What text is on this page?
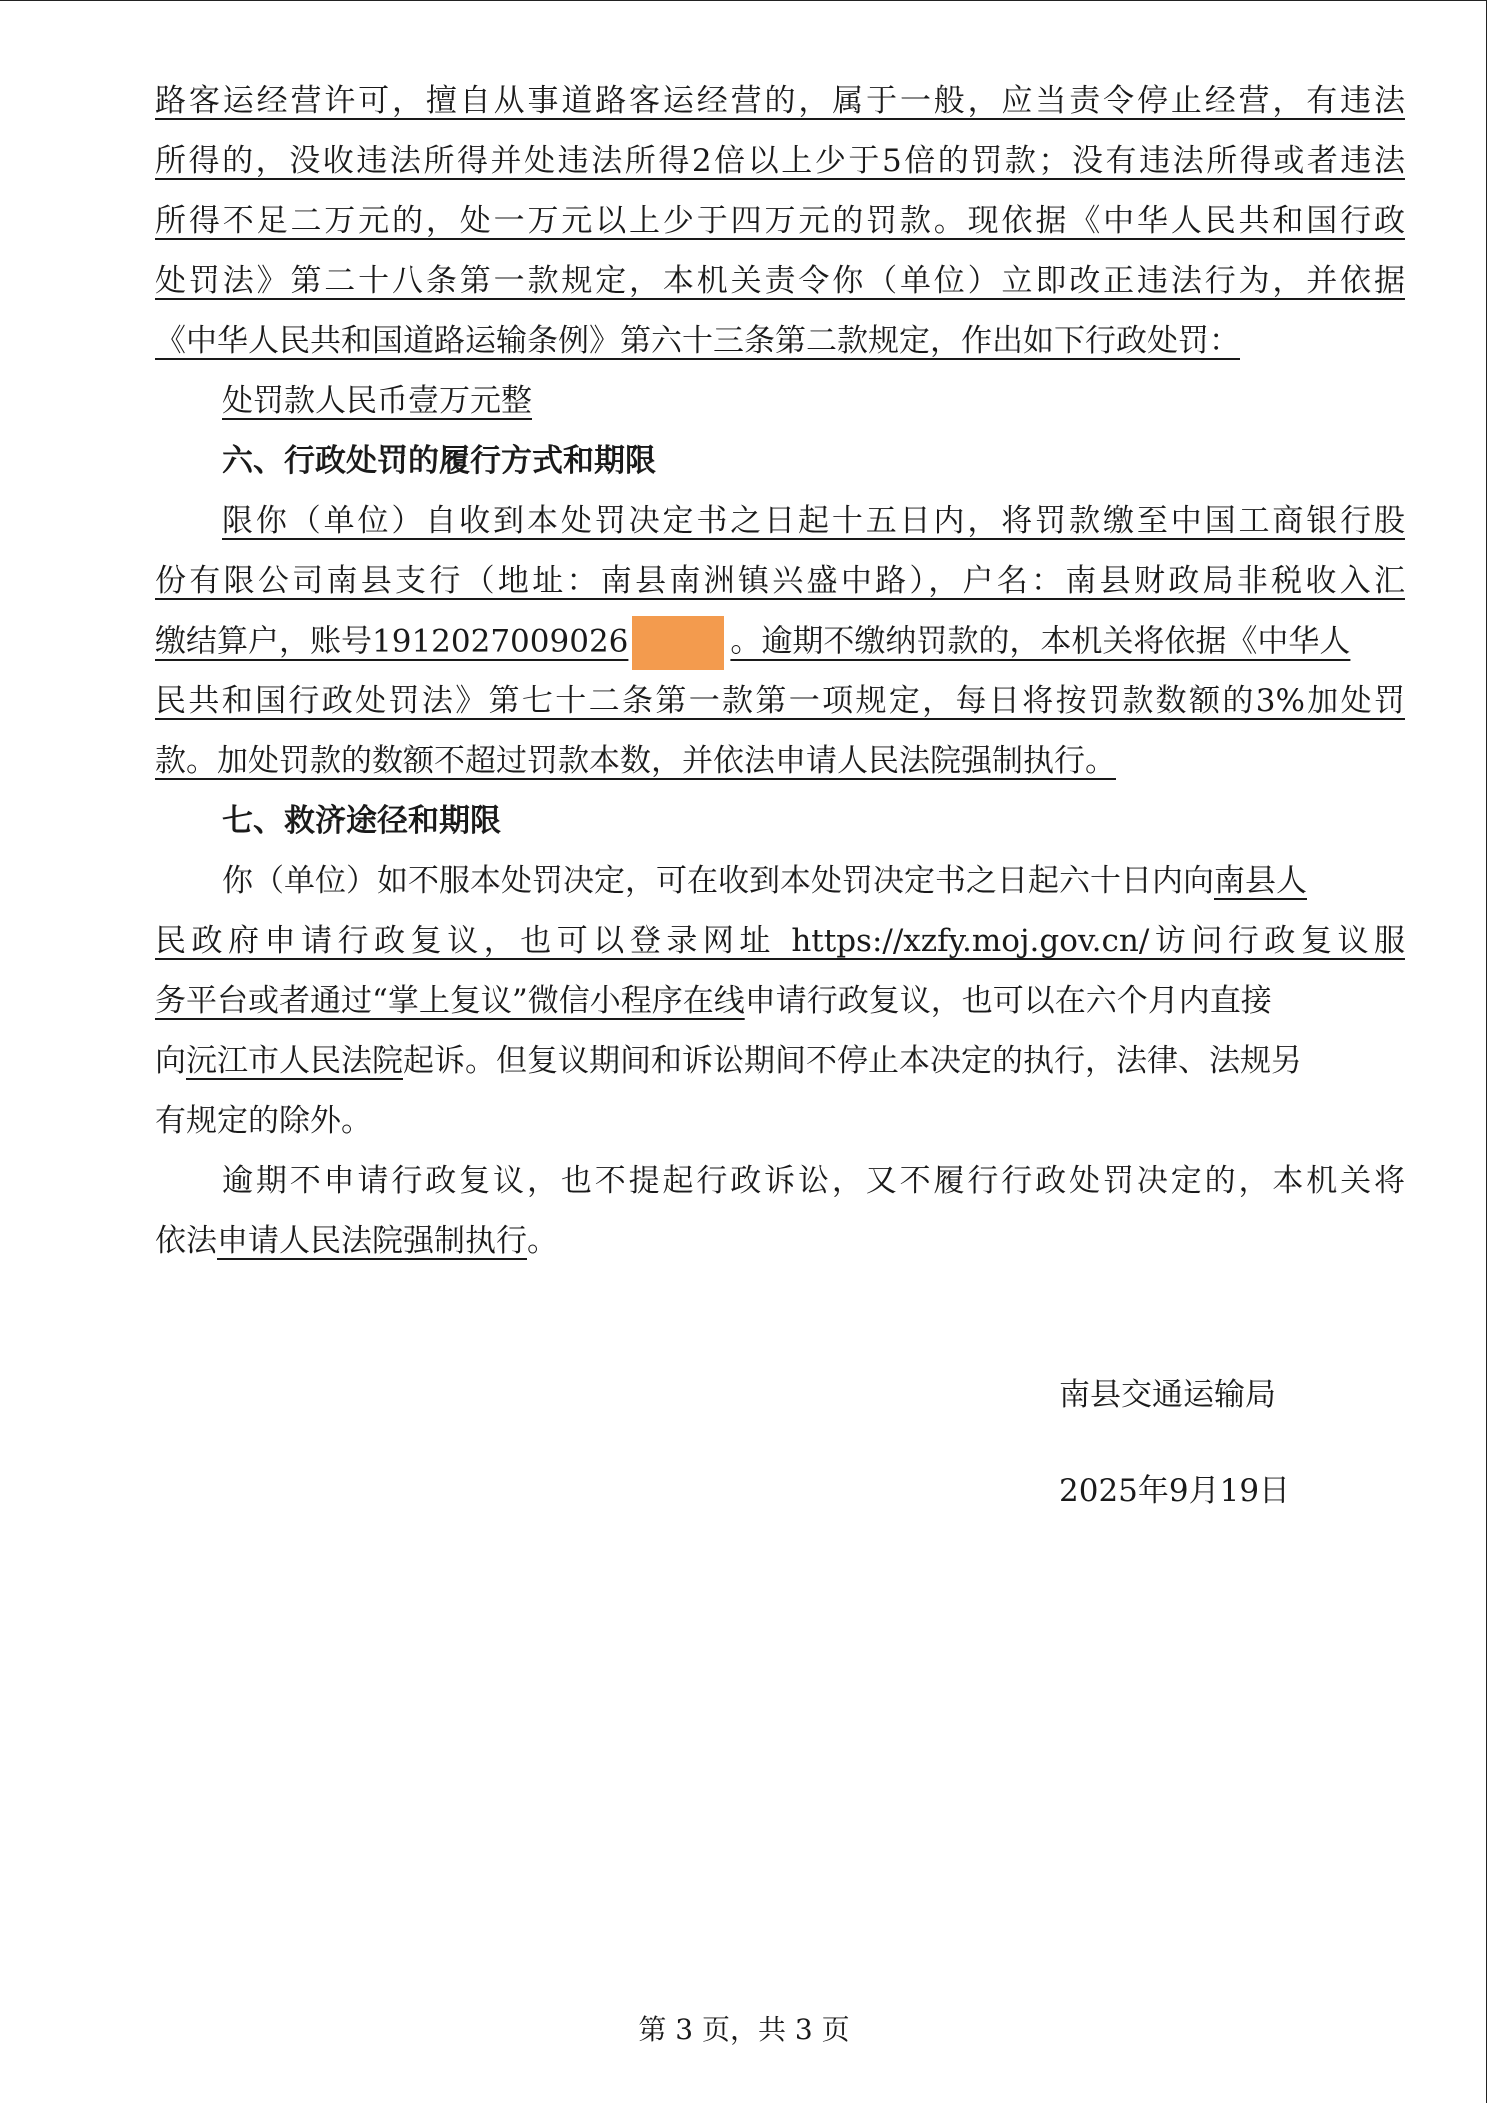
路客运经营许可，擅自从事道路客运经营的，属于一般，应当责令停止经营，有违法
所得的，没收违法所得并处违法所得2倍以上少于5倍的罚款；没有违法所得或者违法
所得不足二万元的，处一万元以上少于四万元的罚款。现依据《中华人民共和国行政
处罚法》第二十八条第一款规定，本机关责令你（单位）立即改正违法行为，并依据
《中华人民共和国道路运输条例》第六十三条第二款规定，作出如下行政处罚：
处罚款人民币壹万元整
六、行政处罚的履行方式和期限
限你（单位）自收到本处罚决定书之日起十五日内，将罚款缴至中国工商银行股
份有限公司南县支行（地址：南县南洲镇兴盛中路），户名：南县财政局非税收入汇
缴结算户，账号1912027009026	。逾期不缴纳罚款的，本机关将依据《中华人
民共和国行政处罚法》第七十二条第一款第一项规定，每日将按罚款数额的3%加处罚
款。加处罚款的数额不超过罚款本数，并依法申请人民法院强制执行。
七、救济途径和期限
你（单位）如不服本处罚决定，可在收到本处罚决定书之日起六十日内向南县人
民政府申请行政复议，也可以登录网址 https://xzfy.moj.gov.cn/访问行政复议服
务平台或者通过“掌上复议”微信小程序在线申请行政复议，也可以在六个月内直接
向沅江市人民法院起诉。但复议期间和诉讼期间不停止本决定的执行，法律、法规另
有规定的除外。
逾期不申请行政复议，也不提起行政诉讼，又不履行行政处罚决定的，本机关将
依法申请人民法院强制执行。
南县交通运输局
2025年9月19日
第 3 页，共 3 页
